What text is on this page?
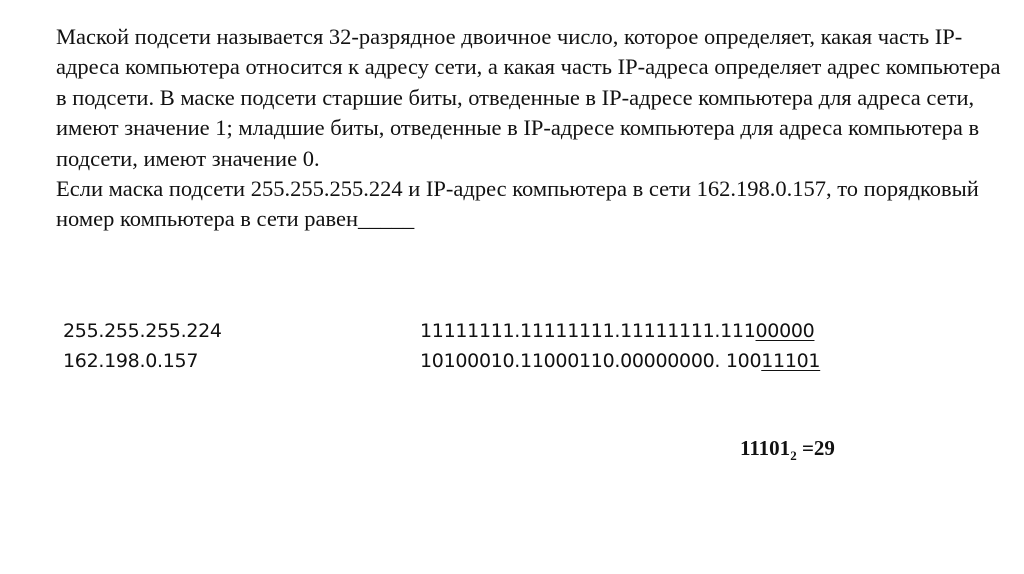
Маской подсети называется 32-разрядное двоичное число, которое определяет, какая часть IP-адреса компьютера относится к адресу сети, а какая часть IP-адреса определяет адрес компьютера в подсети. В маске подсети старшие биты, отведенные в IP-адресе компьютера для адреса сети, имеют значение 1; младшие биты, отведенные в IP-адресе компьютера для адреса компьютера в подсети, имеют значение 0.

Если маска подсети 255.255.255.224 и IP-адрес компьютера в сети 162.198.0.157, то порядковый номер компьютера в сети равен_____

255.255.255.224
162.198.0.157
11111111.11111111.11111111.11100000
10100010.11000110.00000000. 10011101
$11101_2 =29$
